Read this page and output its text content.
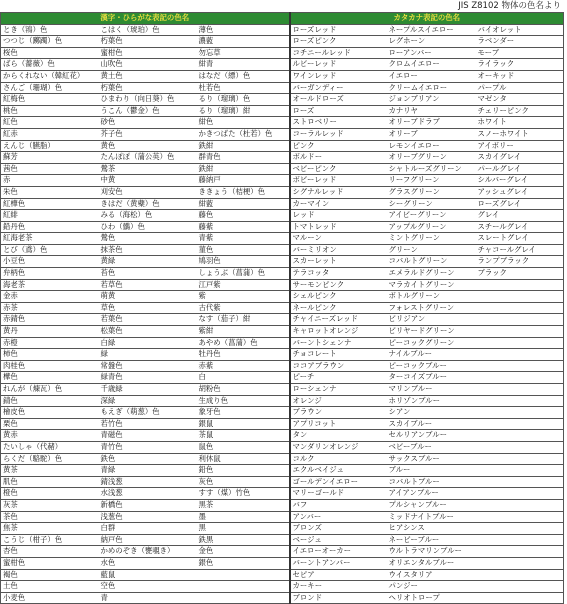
JIS Z8102 物体の色名より
漢字・ひらがな表記の色名			カタカナ表記の色名		
とき（鴇）色	こはく（琥珀）色	薄色	ローズレッド	ネープルスイエロー	バイオレット
つつじ（躑躅）色	朽葉色	濃藍	ローズピンク	レグホーン	ラベンダー
桜色	蜜柑色	勿忘草	コチニールレッド	ローアンバー	モーブ
ばら（薔薇）色	山吹色	紺青	ルビーレッド	クロムイエロー	ライラック
からくれない（韓紅花）	黄土色	はなだ（縹）色	ワインレッド	イエロー	オーキッド
さんご（珊瑚）色	朽葉色	杜若色	バーガンディー	クリームイエロー	パープル
紅梅色	ひまわり（向日葵）色	るり（瑠璃）色	オールドローズ	ジョンブリアン	マゼンタ
桃色	うこん（鬱金）色	るり（瑠璃）紺	ローズ	カナリヤ	チェリーピンク
紅色	砂色	紺色	ストロベリー	オリーブドラブ	ホワイト
紅赤	芥子色	かきつばた（杜若）色	コーラルレッド	オリーブ	スノーホワイト
えんじ（臙脂）	黄色	鉄紺	ピンク	レモンイエロー	アイボリー
蘇芳	たんぽぽ（蒲公英）色	群青色	ボルドー	オリーブグリーン	スカイグレイ
茜色	鶯茶	鉄紺	ベビーピンク	シャトルーズグリーン	パールグレイ
赤	中黄	藤納戸	ボビーレッド	リーフグリーン	シルバーグレイ
朱色	刈安色	ききょう（桔梗）色	シグナルレッド	グラスグリーン	アッシュグレイ
紅樺色	きはだ（黄蘗）色	紺藍	カーマイン	シーグリーン	ローズグレイ
紅緋	みる（海松）色	藤色	レッド	アイビーグリーン	グレイ
鉛丹色	ひわ（鶸）色	藤紫	トマトレッド	アップルグリーン	スチールグレイ
紅海老茶	鶯色	青紫	マルーン	ミントグリーン	スレートグレイ
とび（鳶）色	抹茶色	菫色	バーミリオン	グリーン	チャコールグレイ
小豆色	黄緑	鳩羽色	スカーレット	コバルトグリーン	ランプブラック
弁柄色	苔色	しょうぶ（菖蒲）色	テラコッタ	エメラルドグリーン	ブラック
海老茶	若草色	江戸紫	サーモンピンク	マラカイトグリーン	
金赤	萌黄	紫	シェルピンク	ボトルグリーン	
赤茶	草色	古代紫	ネールピンク	フォレストグリーン	
赤錆色	若葉色	なす（茄子）紺	チャイニーズレッド	ビリジアン	
黄丹	松葉色	紫紺	キャロットオレンジ	ビリヤードグリーン	
赤橙	白緑	あやめ（菖蒲）色	バーントシェンナ	ピーコックグリーン	
柿色	緑	牡丹色	チョコレート	ナイルブルー	
肉桂色	常盤色	赤紫	ココアブラウン	ピーコックブルー	
樺色	緑青色	白	ピーチ	ターコイズブルー	
れんが（煉瓦）色	千歳緑	胡粉色	ローシェンナ	マリンブルー	
錆色	深緑	生成り色	オレンジ	ホリゾンブルー	
檜皮色	もえぎ（萌葱）色	象牙色	ブラウン	シアン	
栗色	若竹色	銀鼠	アプリコット	スカイブルー	
黄赤	青磁色	茶鼠	タン	セルリアンブルー	
たいしゃ（代赭）	青竹色	鼠色	マンダリンオレンジ	ベビーブルー	
らくだ（駱駝）色	鉄色	利休鼠	コルク	サックスブルー	
黄茶	青緑	鉛色	エクルベイジュ	ブルー	
肌色	錆浅葱	灰色	ゴールデンイエロー	コバルトブルー	
橙色	水浅葱	すす（煤）竹色	マリーゴールド	アイアンブルー	
灰茶	新橋色	黒茶	バフ	プルシャンブルー	
茶色	浅葱色	墨	アンバー	ミッドナイトブルー	
焦茶	白群	黒	ブロンズ	ヒアシンス	
こうじ（柑子）色	納戸色	鉄黒	ベージュ	ネービーブルー	
杏色	かめのぞき（甕覗き）	金色	イエローオーカー	ウルトラマリンブルー	
蜜柑色	水色	銀色	バーントアンバー	オリエンタルブルー	
褐色	藍鼠		セピア	ウイスタリア	
土色	空色		カーキー	パンジー	
小麦色	青		ブロンド	ヘリオトロープ	
